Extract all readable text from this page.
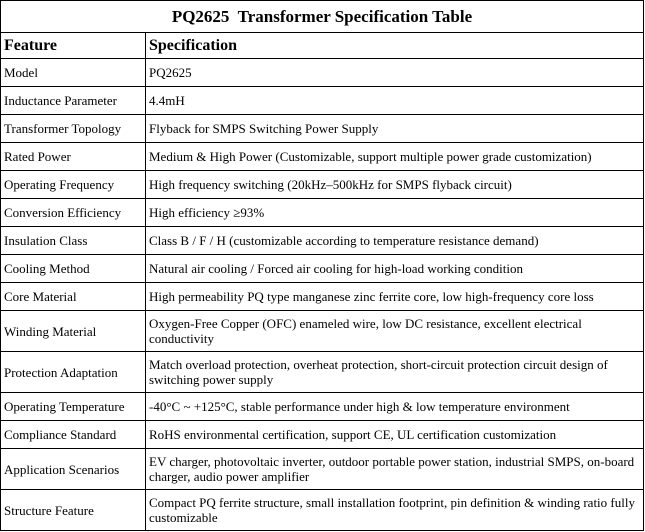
PQ2625  Transformer Specification Table	
Feature	Specification
Model	PQ2625
Inductance Parameter	4.4mH
Transformer Topology	Flyback for SMPS Switching Power Supply
Rated Power	Medium & High Power (Customizable, support multiple power grade customization)
Operating Frequency	High frequency switching (20kHz–500kHz for SMPS flyback circuit)
Conversion Efficiency	High efficiency ≥93%
Insulation Class	Class B / F / H (customizable according to temperature resistance demand)
Cooling Method	Natural air cooling / Forced air cooling for high-load working condition
Core Material	High permeability PQ type manganese zinc ferrite core, low high-frequency core loss
Winding Material	Oxygen-Free Copper (OFC) enameled wire, low DC resistance, excellent electrical conductivity
Protection Adaptation	Match overload protection, overheat protection, short-circuit protection circuit design of switching power supply
Operating Temperature	-40°C ~ +125°C, stable performance under high & low temperature environment
Compliance Standard	RoHS environmental certification, support CE, UL certification customization
Application Scenarios	EV charger, photovoltaic inverter, outdoor portable power station, industrial SMPS, on-board charger, audio power amplifier
Structure Feature	Compact PQ ferrite structure, small installation footprint, pin definition & winding ratio fully customizable
